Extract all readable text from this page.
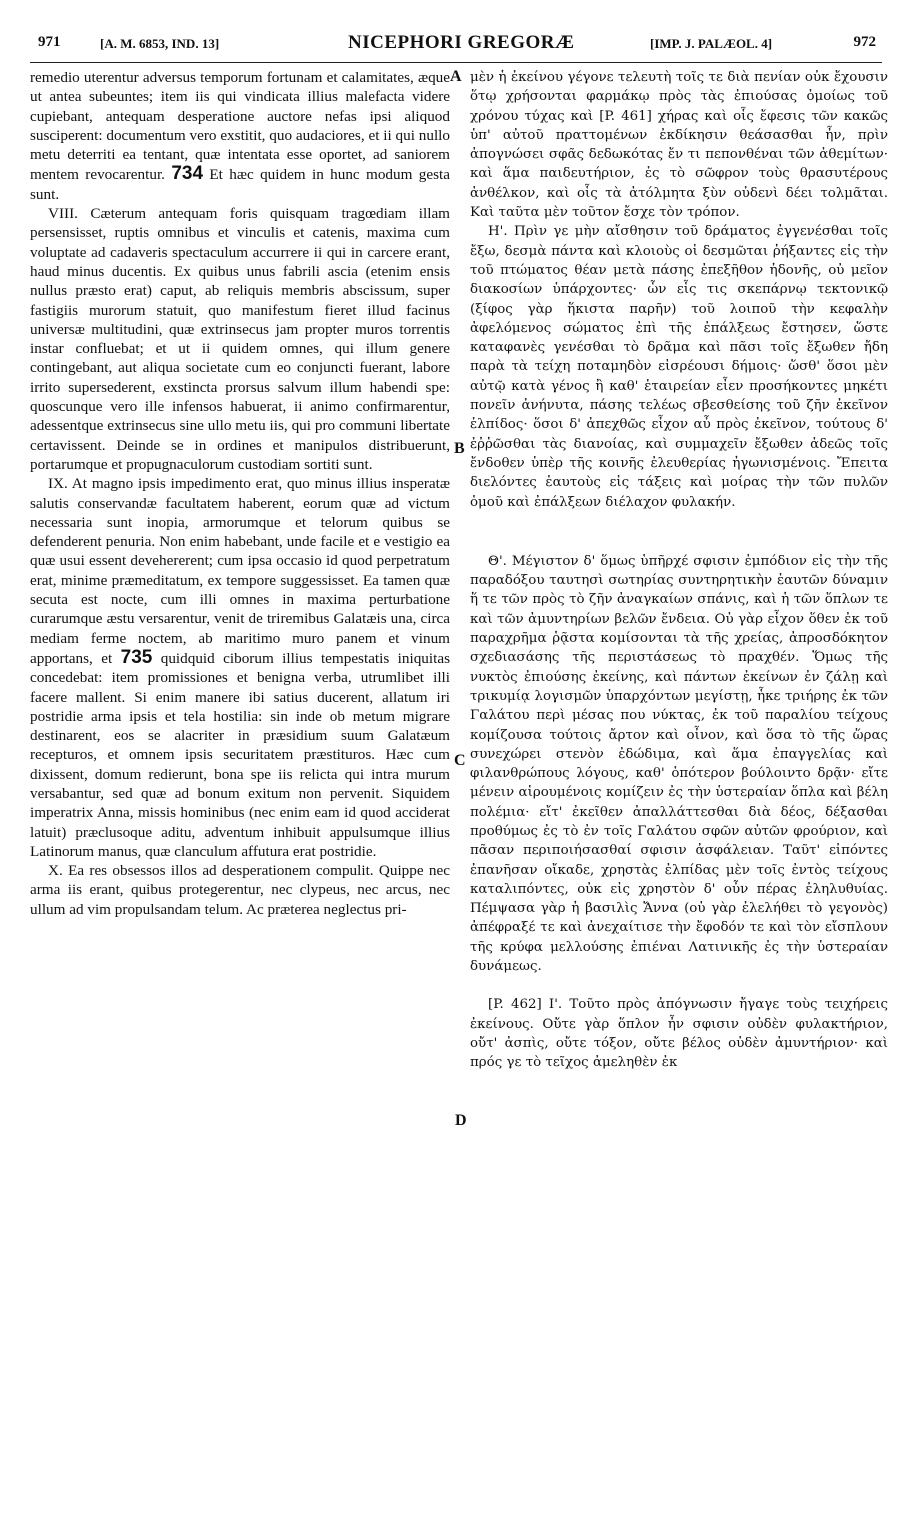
971	[A. M. 6853, IND. 13]	NICEPHORI GREGORÆ	[IMP. J. PALÆOL. 4]	972
A
B
C
D

remedio uterentur adversus temporum fortunam et calamitates, æque ut antea subeuntes; item iis qui vindicata illius malefacta videre cupiebant, antequam desperatione auctore nefas ipsi aliquod susciperent: documentum vero exstitit, quo audaciores, et ii qui nullo metu deterriti ea tentant, quæ intentata esse oportet, ad saniorem mentem revocarentur. 734 Et hæc quidem in hunc modum gesta sunt.

VIII. Cæterum antequam foris quisquam tragœdiam illam persensisset, ruptis omnibus et vinculis et catenis, maxima cum voluptate ad cadaveris spectaculum accurrere ii qui in carcere erant, haud minus ducentis. Ex quibus unus fabrili ascia (etenim ensis nullus præsto erat) caput, ab reliquis membris abscissum, super fastigiis murorum statuit, quo manifestum fieret illud facinus universæ multitudini, quæ extrinsecus jam propter muros torrentis instar confluebat; et ut ii quidem omnes, qui illum genere contingebant, aut aliqua societate cum eo conjuncti fuerant, labore irrito supersederent, exstincta prorsus salvum illum habendi spe: quoscunque vero ille infensos habuerat, ii animo confirmarentur, adessentque extrinsecus sine ullo metu iis, qui pro communi libertate certavissent. Deinde se in ordines et manipulos distribuerunt, portarumque et propugnaculorum custodiam sortiti sunt.

IX. At magno ipsis impedimento erat, quo minus illius insperatæ salutis conservandæ facultatem haberent, eorum quæ ad victum necessaria sunt inopia, armorumque et telorum quibus se defenderent penuria. Non enim habebant, unde facile et e vestigio ea quæ usui essent devehererent; cum ipsa occasio id quod perpetratum erat, minime præmeditatum, ex tempore suggessisset. Ea tamen quæ secuta est nocte, cum illi omnes in maxima perturbatione curarumque æstu versarentur, venit de triremibus Galatæis una, circa mediam ferme noctem, ab maritimo muro panem et vinum apportans, et 735 quidquid ciborum illius tempestatis iniquitas concedebat: item promissiones et benigna verba, utrumlibet illi facere mallent. Si enim manere ibi satius ducerent, allatum iri postridie arma ipsis et tela hostilia: sin inde ob metum migrare destinarent, eos se alacriter in præsidium suum Galatæum recepturos, et omnem ipsis securitatem præstituros. Hæc cum dixissent, domum redierunt, bona spe iis relicta qui intra murum versabantur, sed quæ ad bonum exitum non pervenit. Siquidem imperatrix Anna, missis hominibus (nec enim eam id quod acciderat latuit) præclusoque aditu, adventum inhibuit appulsumque illius Latinorum manus, quæ clanculum affutura erat postridie.

X. Ea res obsessos illos ad desperationem compulit. Quippe nec arma iis erant, quibus protegerentur, nec clypeus, nec arcus, nec ullum ad vim propulsandam telum. Ac præterea neglectus pri-

μὲν ἡ ἐκείνου γέγονε τελευτὴ τοῖς τε διὰ πενίαν οὐκ ἔχουσιν ὅτῳ χρήσονται φαρμάκῳ πρὸς τὰς ἐπιούσας ὁμοίως τοῦ χρόνου τύχας καὶ [P. 461] χήρας καὶ οἷς ἔφεσις τῶν κακῶς ὑπ' αὐτοῦ πραττομένων ἐκδίκησιν θεάσασθαι ἦν, πρὶν ἀπογνώσει σφᾶς δεδωκότας ἔν τι πεπονθέναι τῶν ἀθεμίτων· καὶ ἅμα παιδευτήριον, ἐς τὸ σῶφρον τοὺς θρασυτέρους ἀνθέλκον, καὶ οἷς τὰ ἀτόλμητα ξὺν οὐδενὶ δέει τολμᾶται. Καὶ ταῦτα μὲν τοῦτον ἔσχε τὸν τρόπον.

Η'. Πρὶν γε μὴν αἴσθησιν τοῦ δράματος ἐγγενέσθαι τοῖς ἔξω, δεσμὰ πάντα καὶ κλοιοὺς οἱ δεσμῶται ῥήξαντες εἰς τὴν τοῦ πτώματος θέαν μετὰ πάσης ἐπεξῆθον ἡδονῆς, οὐ μεῖον διακοσίων ὑπάρχοντες· ὧν εἷς τις σκεπάρνῳ τεκτονικῷ (ξίφος γὰρ ἥκιστα παρῆν) τοῦ λοιποῦ τὴν κεφαλὴν ἀφελόμενος σώματος ἐπὶ τῆς ἐπάλξεως ἔστησεν, ὥστε καταφανὲς γενέσθαι τὸ δρᾶμα καὶ πᾶσι τοῖς ἔξωθεν ἤδη παρὰ τὰ τείχη ποταμηδὸν εἰσρέουσι δήμοις· ὥσθ' ὅσοι μὲν αὐτῷ κατὰ γένος ἢ καθ' ἑταιρείαν εἶεν προσήκοντες μηκέτι πονεῖν ἀνήνυτα, πάσης τελέως σβεσθείσης τοῦ ζῆν ἐκεῖνον ἐλπίδος· ὅσοι δ' ἀπεχθῶς εἶχον αὖ πρὸς ἐκεῖνον, τούτους δ' ἐῤῥῶσθαι τὰς διανοίας, καὶ συμμαχεῖν ἔξωθεν ἀδεῶς τοῖς ἔνδοθεν ὑπὲρ τῆς κοινῆς ἐλευθερίας ἠγωνισμένοις. Ἔπειτα διελόντες ἑαυτοὺς εἰς τάξεις καὶ μοίρας τὴν τῶν πυλῶν ὁμοῦ καὶ ἐπάλξεων διέλαχον φυλακήν.

Θ'. Μέγιστον δ' ὅμως ὑπῆρχέ σφισιν ἐμπόδιον εἰς τὴν τῆς παραδόξου ταυτησὶ σωτηρίας συντηρητικὴν ἑαυτῶν δύναμιν ἥ τε τῶν πρὸς τὸ ζῆν ἀναγκαίων σπάνις, καὶ ἡ τῶν ὅπλων τε καὶ τῶν ἀμυντηρίων βελῶν ἔνδεια. Οὐ γὰρ εἶχον ὅθεν ἐκ τοῦ παραχρῆμα ῥᾷστα κομίσονται τὰ τῆς χρείας, ἀπροσδόκητον σχεδιασάσης τῆς περιστάσεως τὸ πραχθέν. Ὅμως τῆς νυκτὸς ἐπιούσης ἐκείνης, καὶ πάντων ἐκείνων ἐν ζάλῃ καὶ τρικυμίᾳ λογισμῶν ὑπαρχόντων μεγίστῃ, ἧκε τριήρης ἐκ τῶν Γαλάτου περὶ μέσας που νύκτας, ἐκ τοῦ παραλίου τείχους κομίζουσα τούτοις ἄρτον καὶ οἶνον, καὶ ὅσα τὸ τῆς ὥρας συνεχώρει στενὸν ἐδώδιμα, καὶ ἅμα ἐπαγγελίας καὶ φιλανθρώπους λόγους, καθ' ὁπότερον βούλοιντο δρᾷν· εἴτε μένειν αἱρουμένοις κομίζειν ἐς τὴν ὑστεραίαν ὅπλα καὶ βέλη πολέμια· εἴτ' ἐκεῖθεν ἀπαλλάττεσθαι διὰ δέος, δέξασθαι προθύμως ἐς τὸ ἐν τοῖς Γαλάτου σφῶν αὐτῶν φρούριον, καὶ πᾶσαν περιποιήσασθαί σφισιν ἀσφάλειαν. Ταῦτ' εἰπόντες ἐπανῆσαν οἴκαδε, χρηστὰς ἐλπίδας μὲν τοῖς ἐντὸς τείχους καταλιπόντες, οὐκ εἰς χρηστὸν δ' οὖν πέρας ἐληλυθυίας. Πέμψασα γὰρ ἡ βασιλὶς Ἄννα (οὐ γὰρ ἐλελήθει τὸ γεγονὸς) ἀπέφραξέ τε καὶ ἀνεχαίτισε τὴν ἔφοδόν τε καὶ τὸν εἴσπλουν τῆς κρύφα μελλούσης ἐπιέναι Λατινικῆς ἐς τὴν ὑστεραίαν δυνάμεως.

[P. 462] Ι'. Τοῦτο πρὸς ἀπόγνωσιν ἤγαγε τοὺς τειχήρεις ἐκείνους. Οὔτε γὰρ ὅπλον ἦν σφισιν οὐδὲν φυλακτήριον, οὔτ' ἀσπὶς, οὔτε τόξον, οὔτε βέλος οὐδὲν ἀμυντήριον· καὶ πρός γε τὸ τεῖχος ἀμεληθὲν ἐκ
